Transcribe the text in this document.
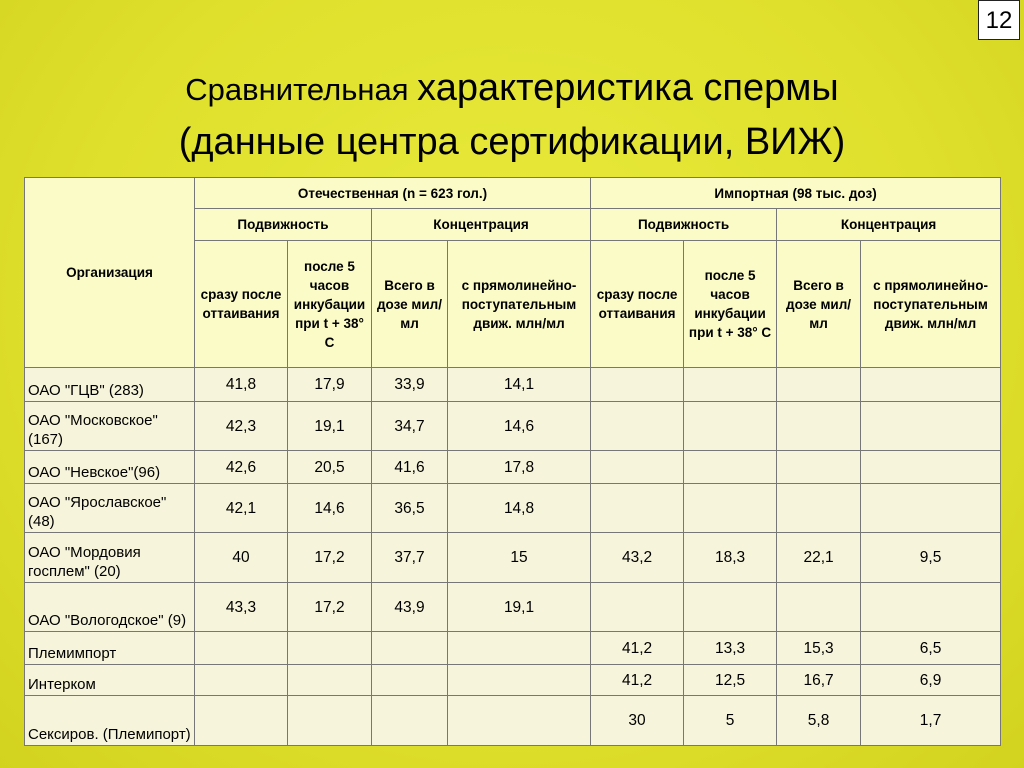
12
Сравнительная характеристика спермы
(данные центра сертификации, ВИЖ)
Организация	Отечественная (n = 623 гол.)				Импортная (98 тыс. доз)			
	Подвижность		Концентрация		Подвижность		Концентрация	
	сразу после оттаивания	после 5 часов инкубации при t + 38° С	Всего в дозе мил/мл	с прямолинейно-поступательным движ. млн/мл	сразу после оттаивания	после 5 часов инкубации при t + 38° С	Всего в дозе мил/мл	с прямолинейно-поступательным движ. млн/мл
ОАО "ГЦВ" (283)	41,8	17,9	33,9	14,1				
ОАО "Московское" (167)	42,3	19,1	34,7	14,6				
ОАО "Невское"(96)	42,6	20,5	41,6	17,8				
ОАО "Ярославское" (48)	42,1	14,6	36,5	14,8				
ОАО "Мордовия госплем" (20)	40	17,2	37,7	15	43,2	18,3	22,1	9,5
ОАО "Вологодское" (9)	43,3	17,2	43,9	19,1				
Племимпорт					41,2	13,3	15,3	6,5
Интерком					41,2	12,5	16,7	6,9
Сексиров. (Племипорт)					30	5	5,8	1,7
